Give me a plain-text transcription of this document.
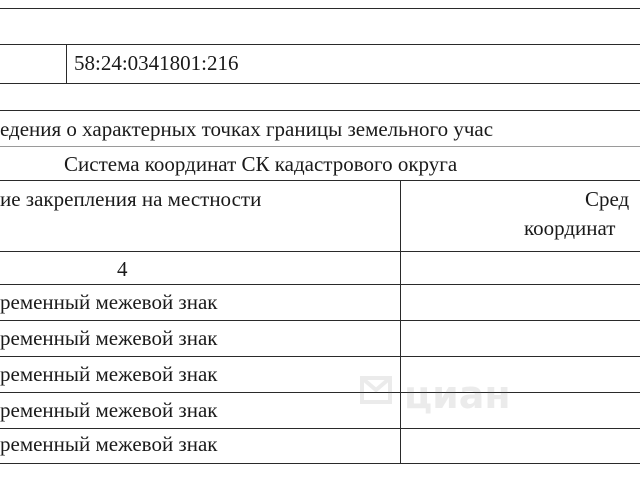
58:24:0341801:216
едения о характерных точках границы земельного учас
Система координат СК кадастрового округа
ие закрепления на местности	Сред
координат
4
ременный межевой знак
ременный межевой знак
ременный межевой знак
ременный межевой знак
ременный межевой знак
циан
